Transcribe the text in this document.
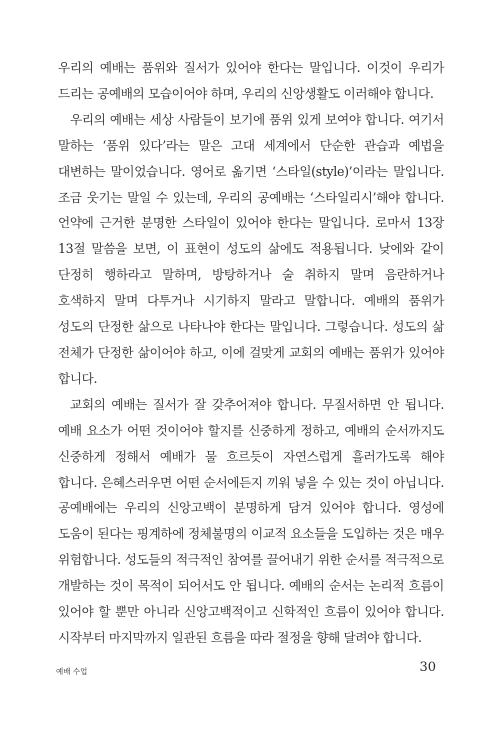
우리의 예배는 품위와 질서가 있어야 한다는 말입니다. 이것이 우리가 드리는 공예배의 모습이어야 하며, 우리의 신앙생활도 이러해야 합니다.

우리의 예배는 세상 사람들이 보기에 품위 있게 보여야 합니다. 여기서 말하는 ‘품위 있다’라는 말은 고대 세계에서 단순한 관습과 예법을 대변하는 말이었습니다. 영어로 옮기면 ‘스타일(style)’이라는 말입니다. 조금 웃기는 말일 수 있는데, 우리의 공예배는 ‘스타일리시’해야 합니다. 언약에 근거한 분명한 스타일이 있어야 한다는 말입니다. 로마서 13장 13절 말씀을 보면, 이 표현이 성도의 삶에도 적용됩니다. 낮에와 같이 단정히 행하라고 말하며, 방탕하거나 술 취하지 말며 음란하거나 호색하지 말며 다투거나 시기하지 말라고 말합니다. 예배의 품위가 성도의 단정한 삶으로 나타나야 한다는 말입니다. 그렇습니다. 성도의 삶 전체가 단정한 삶이어야 하고, 이에 걸맞게 교회의 예배는 품위가 있어야 합니다.

교회의 예배는 질서가 잘 갖추어져야 합니다. 무질서하면 안 됩니다. 예배 요소가 어떤 것이어야 할지를 신중하게 정하고, 예배의 순서까지도 신중하게 정해서 예배가 물 흐르듯이 자연스럽게 흘러가도록 해야 합니다. 은혜스러우면 어떤 순서에든지 끼워 넣을 수 있는 것이 아닙니다. 공예배에는 우리의 신앙고백이 분명하게 담겨 있어야 합니다. 영성에 도움이 된다는 핑계하에 정체불명의 이교적 요소들을 도입하는 것은 매우 위험합니다. 성도들의 적극적인 참여를 끌어내기 위한 순서를 적극적으로 개발하는 것이 목적이 되어서도 안 됩니다. 예배의 순서는 논리적 흐름이 있어야 할 뿐만 아니라 신앙고백적이고 신학적인 흐름이 있어야 합니다. 시작부터 마지막까지 일관된 흐름을 따라 절정을 향해 달려야 합니다.

예배 수업	30
